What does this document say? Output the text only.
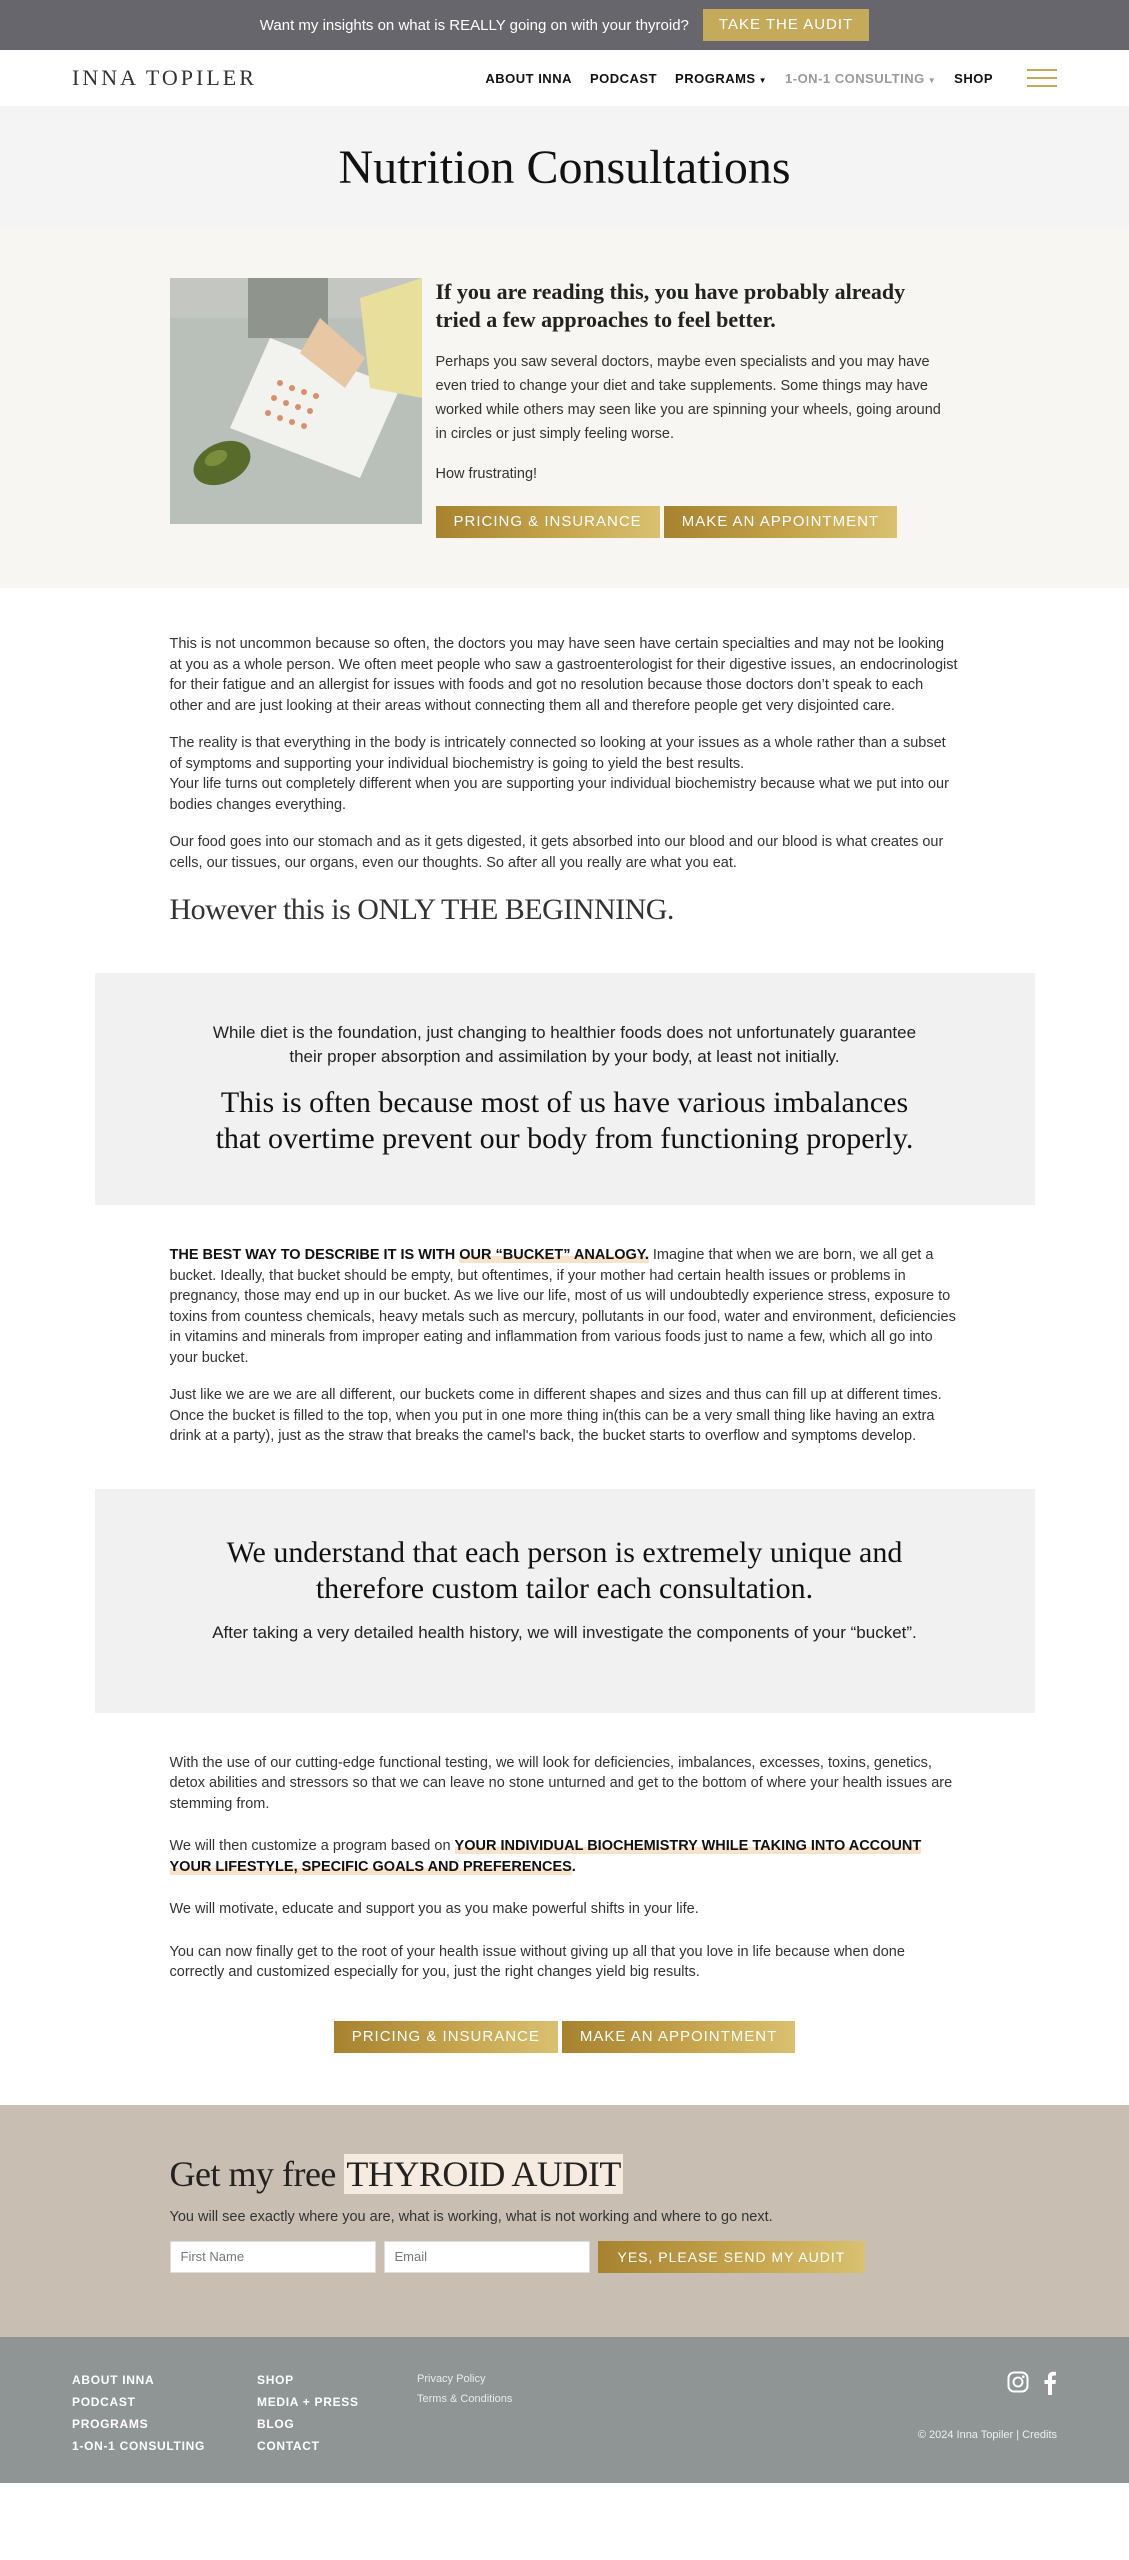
Want my insights on what is REALLY going on with your thyroid?	TAKE THE AUDIT
INNA TOPILER	ABOUT INNA PODCAST PROGRAMS ▼ 1-ON-1 CONSULTING ▼ SHOP
Nutrition Consultations
If you are reading this, you have probably already tried a few approaches to feel better.

Perhaps you saw several doctors, maybe even specialists and you may have even tried to change your diet and take supplements. Some things may have worked while others may seen like you are spinning your wheels, going around in circles or just simply feeling worse.

How frustrating!

PRICING & INSURANCE	MAKE AN APPOINTMENT

This is not uncommon because so often, the doctors you may have seen have certain specialties and may not be looking at you as a whole person. We often meet people who saw a gastroenterologist for their digestive issues, an endocrinologist for their fatigue and an allergist for issues with foods and got no resolution because those doctors don’t speak to each other and are just looking at their areas without connecting them all and therefore people get very disjointed care.

The reality is that everything in the body is intricately connected so looking at your issues as a whole rather than a subset of symptoms and supporting your individual biochemistry is going to yield the best results.
Your life turns out completely different when you are supporting your individual biochemistry because what we put into our bodies changes everything.

Our food goes into our stomach and as it gets digested, it gets absorbed into our blood and our blood is what creates our cells, our tissues, our organs, even our thoughts. So after all you really are what you eat.

However this is ONLY THE BEGINNING.

While diet is the foundation, just changing to healthier foods does not unfortunately guarantee their proper absorption and assimilation by your body, at least not initially.

This is often because most of us have various imbalances that overtime prevent our body from functioning properly.

THE BEST WAY TO DESCRIBE IT IS WITH OUR “BUCKET” ANALOGY. Imagine that when we are born, we all get a bucket. Ideally, that bucket should be empty, but oftentimes, if your mother had certain health issues or problems in pregnancy, those may end up in our bucket. As we live our life, most of us will undoubtedly experience stress, exposure to toxins from countess chemicals, heavy metals such as mercury, pollutants in our food, water and environment, deficiencies in vitamins and minerals from improper eating and inflammation from various foods just to name a few, which all go into your bucket.

Just like we are we are all different, our buckets come in different shapes and sizes and thus can fill up at different times. Once the bucket is filled to the top, when you put in one more thing in(this can be a very small thing like having an extra drink at a party), just as the straw that breaks the camel's back, the bucket starts to overflow and symptoms develop.

We understand that each person is extremely unique and therefore custom tailor each consultation.

After taking a very detailed health history, we will investigate the components of your “bucket”.

With the use of our cutting-edge functional testing, we will look for deficiencies, imbalances, excesses, toxins, genetics, detox abilities and stressors so that we can leave no stone unturned and get to the bottom of where your health issues are stemming from.

We will then customize a program based on YOUR INDIVIDUAL BIOCHEMISTRY WHILE TAKING INTO ACCOUNT YOUR LIFESTYLE, SPECIFIC GOALS AND PREFERENCES.

We will motivate, educate and support you as you make powerful shifts in your life.

You can now finally get to the root of your health issue without giving up all that you love in life because when done correctly and customized especially for you, just the right changes yield big results.

PRICING & INSURANCE	MAKE AN APPOINTMENT
Get my free THYROID AUDIT

You will see exactly where you are, what is working, what is not working and where to go next.

First Name
Email
YES, PLEASE SEND MY AUDIT
ABOUT INNA
PODCAST
PROGRAMS
1-ON-1 CONSULTING
SHOP
MEDIA + PRESS
BLOG
CONTACT
Privacy Policy
Terms & Conditions
© 2024 Inna Topiler | Credits
